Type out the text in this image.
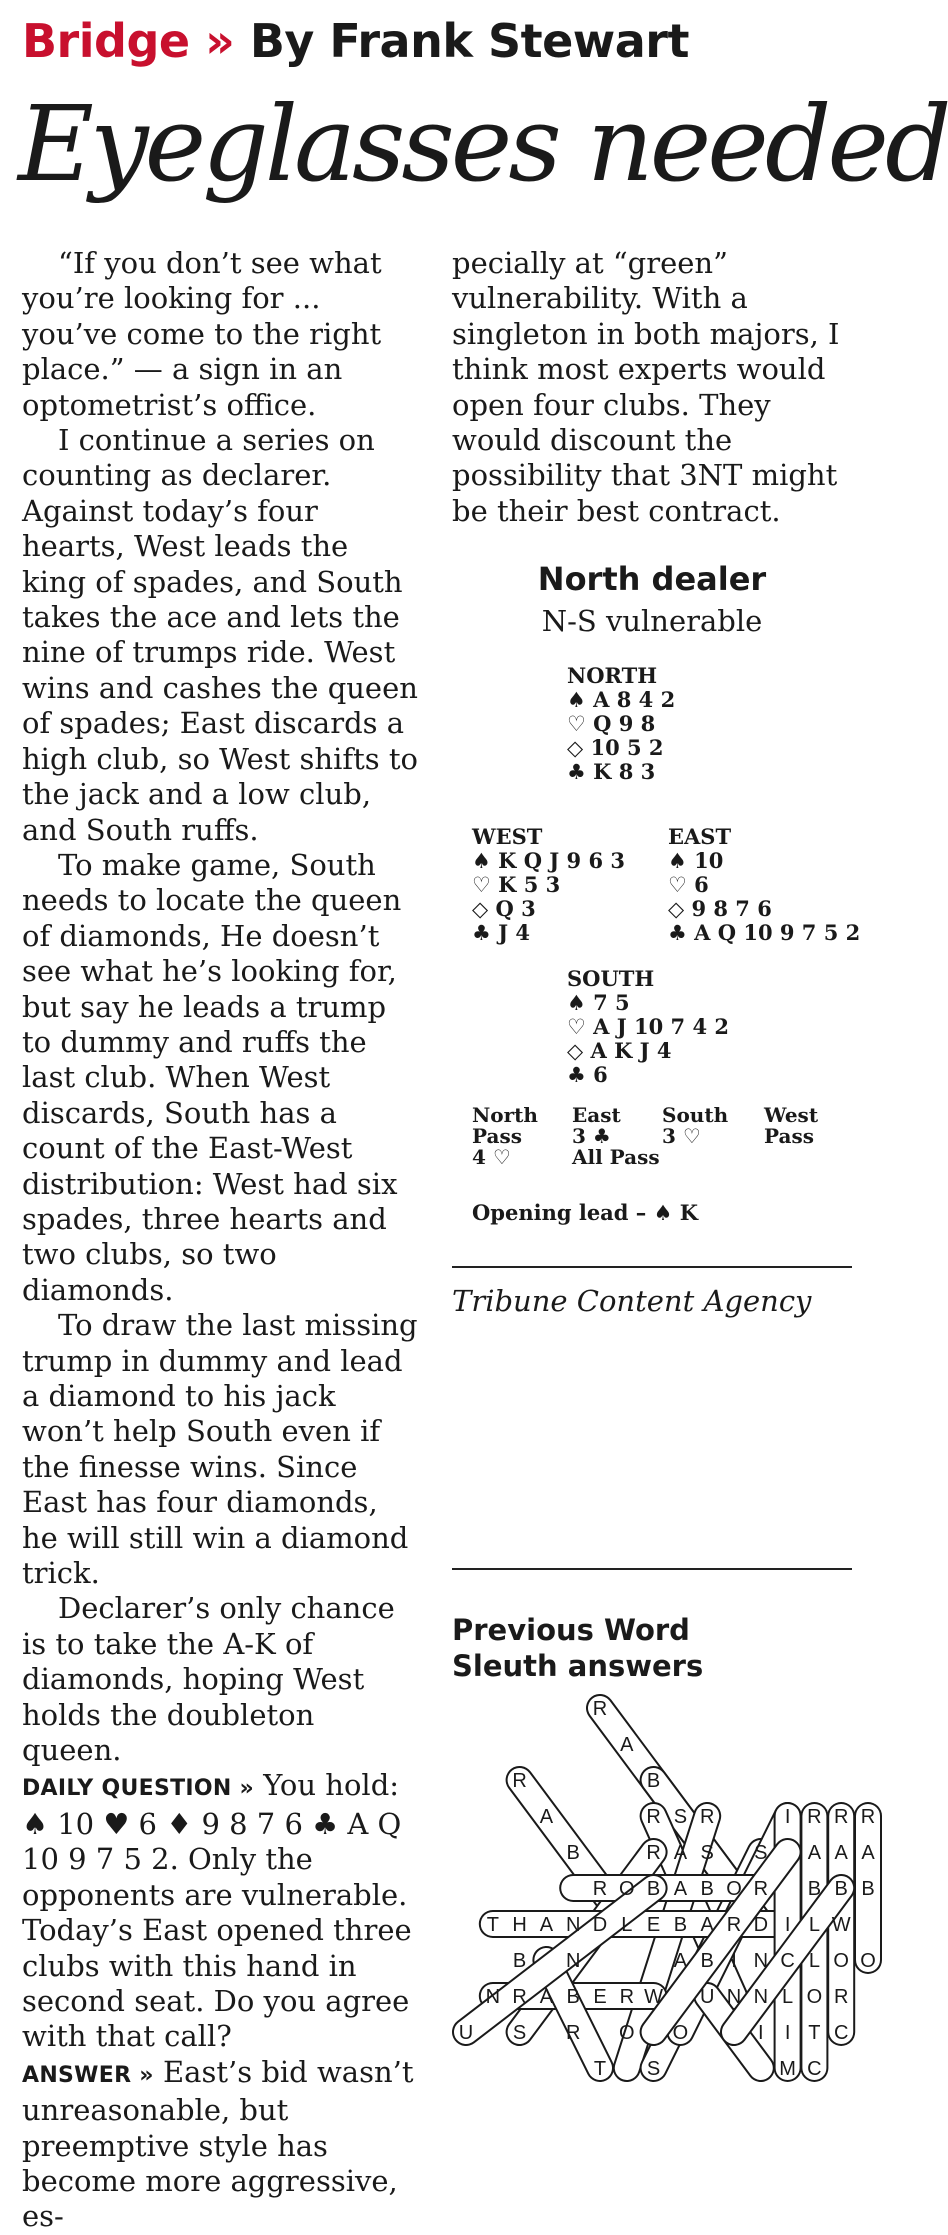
Bridge » By Frank Stewart
Eyeglasses needed

“If you don’t see what you’re looking for ... you’ve come to the right place.” — a sign in an optometrist’s office.

I continue a series on counting as declarer. Against today’s four hearts, West leads the king of spades, and South takes the ace and lets the nine of trumps ride. West wins and cashes the queen of spades; East discards a high club, so West shifts to the jack and a low club, and South ruffs.

To make game, South needs to locate the queen of diamonds, He doesn’t see what he’s looking for, but say he leads a trump to dummy and ruffs the last club. When West discards, South has a count of the East-West distribution: West had six spades, three hearts and two clubs, so two diamonds.

To draw the last missing trump in dummy and lead a diamond to his jack won’t help South even if the finesse wins. Since East has four diamonds, he will still win a diamond trick.

Declarer’s only chance is to take the A-K of diamonds, hoping West holds the doubleton queen.

DAILY QUESTION » You hold: ♠ 10 ♥ 6 ♦ 9 8 7 6 ♣ A Q 10 9 7 5 2. Only the opponents are vulnerable. Today’s East opened three clubs with this hand in second seat. Do you agree with that call?

ANSWER » East’s bid wasn’t unreasonable, but preemptive style has become more aggressive, es-

pecially at “green” vulnerability. With a singleton in both majors, I think most experts would open four clubs. They would discount the possibility that 3NT might be their best contract.

North dealer
N-S vulnerable
NORTH
♠ A 8 4 2
♡ Q 9 8
◇ 10 5 2
♣ K 8 3
WEST
♠ K Q J 9 6 3
♡ K 5 3
◇ Q 3
♣ J 4
EAST
♠ 10
♡ 6
◇ 9 8 7 6
♣ A Q 10 9 7 5 2
SOUTH
♠ 7 5
♡ A J 10 7 4 2
◇ A K J 4
♣ 6
North East South West
Pass	3 ♣	3 ♡	Pass
4 ♡	All Pass
Opening lead – ♠ K
Tribune Content Agency
Previous Word
Sleuth answers
R
A
B
R
A	R S R	I R R R
B	R A S S A A A
R O B A B O R B B B
T H A N D L E B A R D I L W
B N	A B I N C L O O
N R A B E R W U N N L O R
U S R O O	I I T C
T S	M C
